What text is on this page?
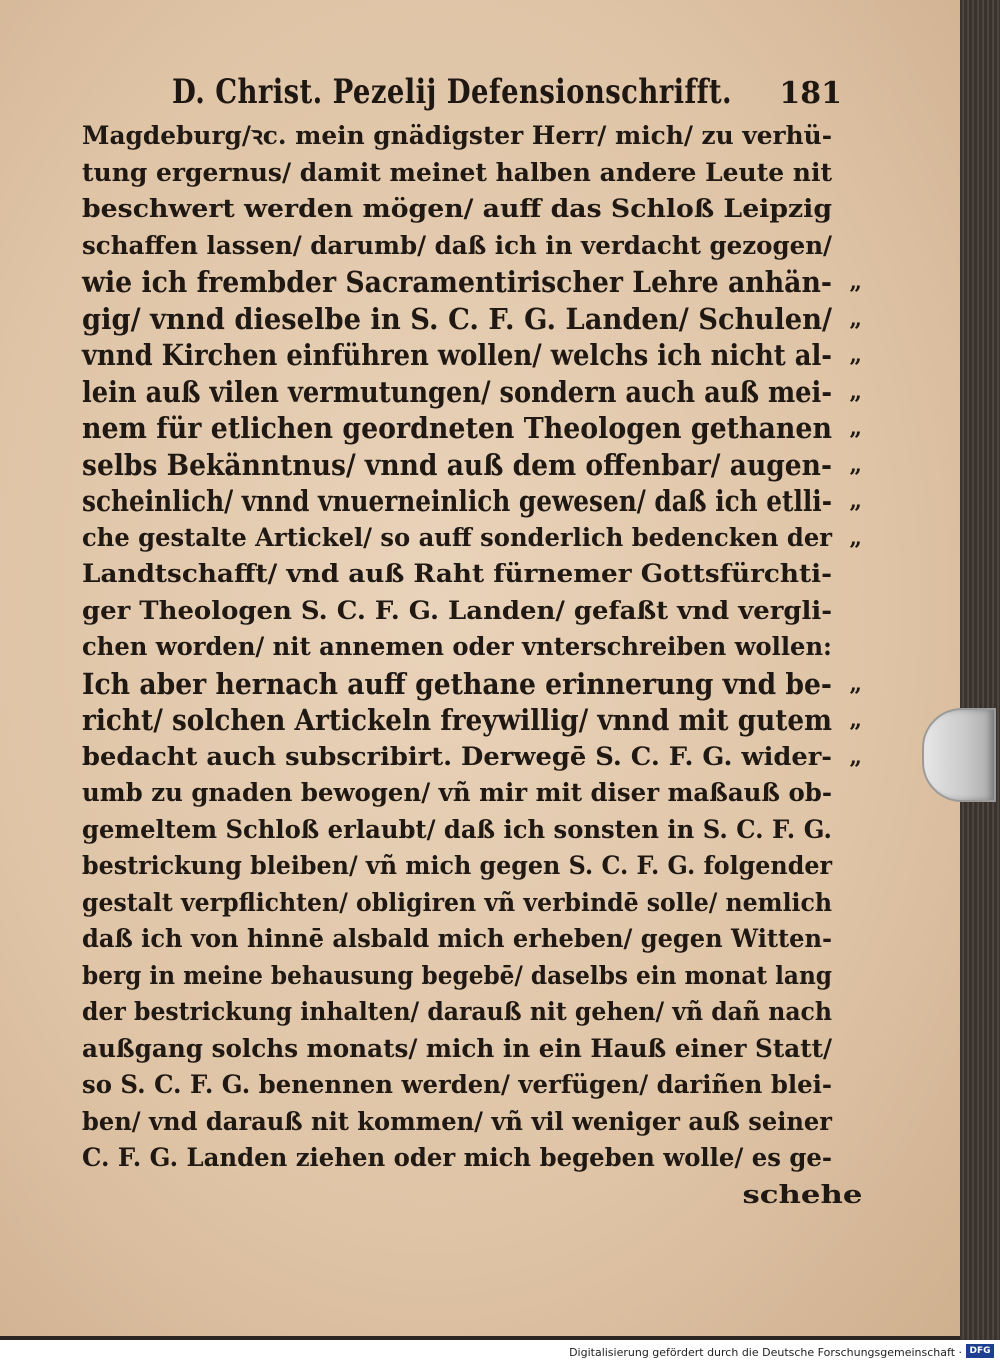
D. Christ. Pezelij Defensionschrifft. 181
Magdeburg/ꝛc. mein gnädigster Herr/ mich/ zu verhü-
tung ergernus/ damit meinet halben andere Leute nit
beschwert werden mögen/ auff das Schloß Leipzig
schaffen lassen/ darumb/ daß ich in verdacht gezogen/
wie ich frembder Sacramentirischer Lehre anhän- „
gig/ vnnd dieselbe in S. C. F. G. Landen/ Schulen/ „
vnnd Kirchen einführen wollen/ welchs ich nicht al- „
lein auß vilen vermutungen/ sondern auch auß mei- „
nem für etlichen geordneten Theologen gethanen „
selbs Bekänntnus/ vnnd auß dem offenbar/ augen- „
scheinlich/ vnnd vnuerneinlich gewesen/ daß ich etlli- „
che gestalte Artickel/ so auff sonderlich bedencken der „
Landtschafft/ vnd auß Raht fürnemer Gottsfürchti-
ger Theologen S. C. F. G. Landen/ gefaßt vnd vergli-
chen worden/ nit annemen oder vnterschreiben wollen:
Ich aber hernach auff gethane erinnerung vnd be- „
richt/ solchen Artickeln freywillig/ vnnd mit gutem „
bedacht auch subscribirt. Derwegē S. C. F. G. wider- „
umb zu gnaden bewogen/ vñ mir mit diser maßauß ob-
gemeltem Schloß erlaubt/ daß ich sonsten in S. C. F. G.
bestrickung bleiben/ vñ mich gegen S. C. F. G. folgender
gestalt verpflichten/ obligiren vñ verbindē solle/ nemlich
daß ich von hinnē alsbald mich erheben/ gegen Witten-
berg in meine behausung begebē/ daselbs ein monat lang
der bestrickung inhalten/ darauß nit gehen/ vñ dañ nach
außgang solchs monats/ mich in ein Hauß einer Statt/
so S. C. F. G. benennen werden/ verfügen/ dariñen blei-
ben/ vnd darauß nit kommen/ vñ vil weniger auß seiner
C. F. G. Landen ziehen oder mich begeben wolle/ es ge-
schehe
Digitalisierung gefördert durch die Deutsche Forschungsgemeinschaft · DFG
